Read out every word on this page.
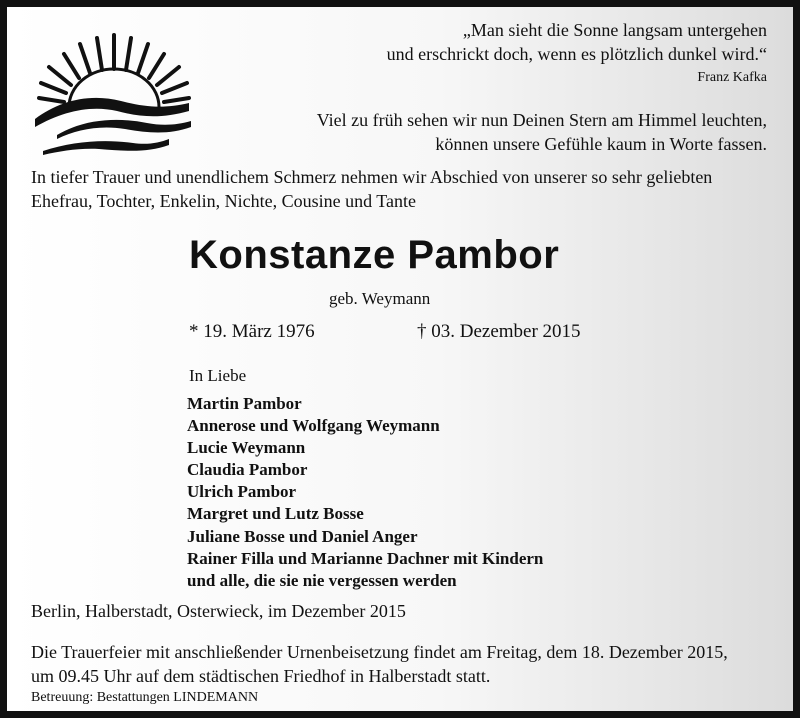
„Man sieht die Sonne langsam untergehen
und erschrickt doch, wenn es plötzlich dunkel wird.“
Franz Kafka
Viel zu früh sehen wir nun Deinen Stern am Himmel leuchten,
können unsere Gefühle kaum in Worte fassen.
In tiefer Trauer und unendlichem Schmerz nehmen wir Abschied von unserer so sehr geliebten
Ehefrau, Tochter, Enkelin, Nichte, Cousine und Tante
Konstanze Pambor
geb. Weymann
* 19. März 1976	† 03. Dezember 2015
In Liebe
Martin Pambor
Annerose und Wolfgang Weymann
Lucie Weymann
Claudia Pambor
Ulrich Pambor
Margret und Lutz Bosse
Juliane Bosse und Daniel Anger
Rainer Filla und Marianne Dachner mit Kindern
und alle, die sie nie vergessen werden
Berlin, Halberstadt, Osterwieck, im Dezember 2015
Die Trauerfeier mit anschließender Urnenbeisetzung findet am Freitag, dem 18. Dezember 2015,
um 09.45 Uhr auf dem städtischen Friedhof in Halberstadt statt.
Betreuung: Bestattungen LINDEMANN
